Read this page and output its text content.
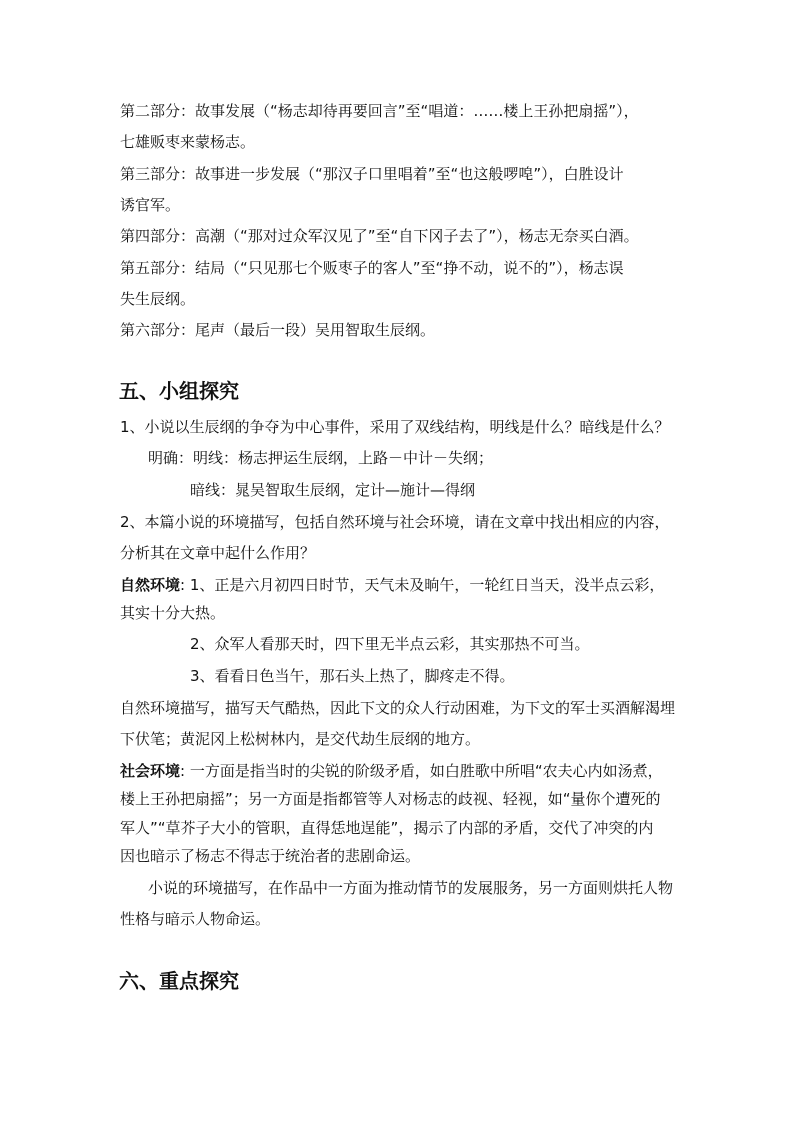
第二部分：故事发展（“杨志却待再要回言”至“唱道：……楼上王孙把扇摇”），
七雄贩枣来蒙杨志。
第三部分：故事进一步发展（“那汉子口里唱着”至“也这般啰唣”），白胜设计
诱官军。
第四部分：高潮（“那对过众军汉见了”至“自下冈子去了”），杨志无奈买白酒。
第五部分：结局（“只见那七个贩枣子的客人”至“挣不动，说不的”），杨志误
失生辰纲。
第六部分：尾声（最后一段）吴用智取生辰纲。
五、小组探究
1、小说以生辰纲的争夺为中心事件，采用了双线结构，明线是什么？暗线是什么？
明确：明线：杨志押运生辰纲，上路－中计－失纲；
暗线：晁吴智取生辰纲，定计—施计—得纲
2、本篇小说的环境描写，包括自然环境与社会环境，请在文章中找出相应的内容，
分析其在文章中起什么作用？
自然环境: 1、正是六月初四日时节，天气未及晌午，一轮红日当天，没半点云彩，
其实十分大热。
2、众军人看那天时，四下里无半点云彩，其实那热不可当。
3、看看日色当午，那石头上热了，脚疼走不得。
自然环境描写，描写天气酷热，因此下文的众人行动困难，为下文的军士买酒解渴埋
下伏笔；黄泥冈上松树林内，是交代劫生辰纲的地方。
社会环境: 一方面是指当时的尖锐的阶级矛盾，如白胜歌中所唱“农夫心内如汤煮，
楼上王孙把扇摇”；另一方面是指都管等人对杨志的歧视、轻视，如“量你个遭死的
军人”“草芥子大小的管职，直得恁地逞能”，揭示了内部的矛盾，交代了冲突的内
因也暗示了杨志不得志于统治者的悲剧命运。
小说的环境描写，在作品中一方面为推动情节的发展服务，另一方面则烘托人物
性格与暗示人物命运。
六、重点探究
